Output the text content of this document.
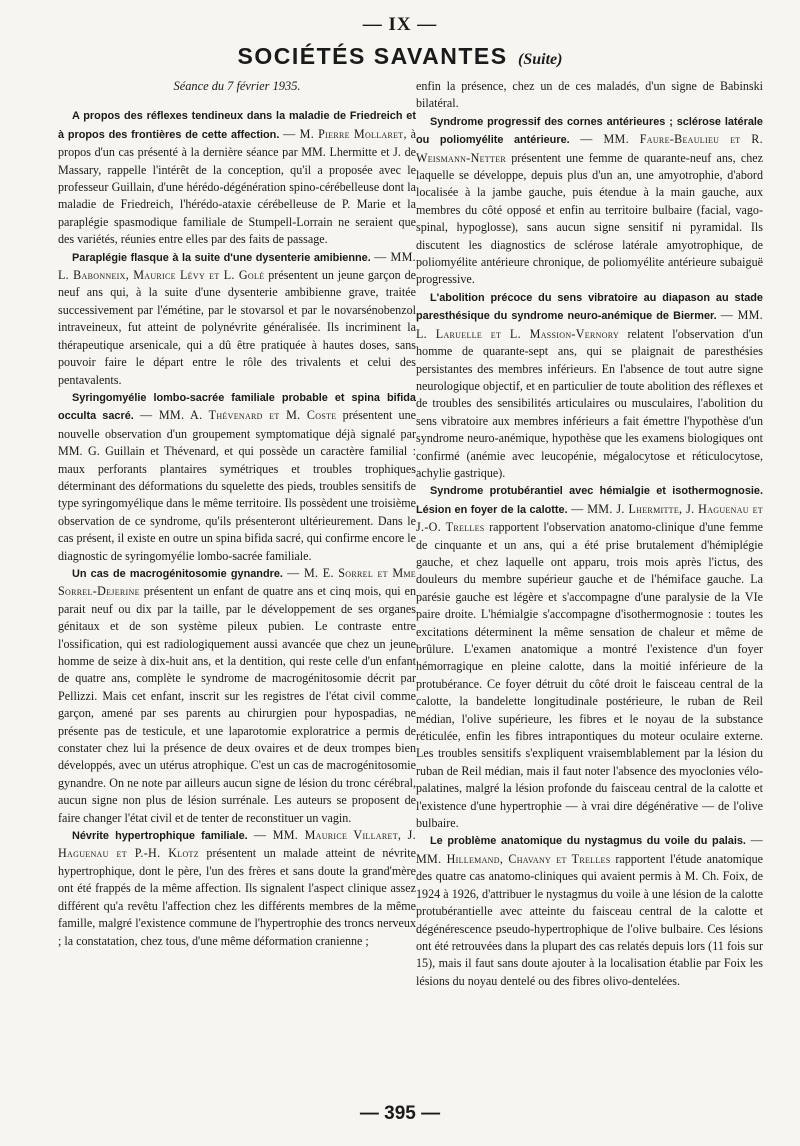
— IX —
SOCIÉTÉS SAVANTES (Suite)
Séance du 7 février 1935.

A propos des réflexes tendineux dans la maladie de Friedreich et à propos des frontières de cette affection. — M. Pierre Mollaret, à propos d'un cas présenté à la dernière séance par MM. Lhermitte et J. de Massary, rappelle l'intérêt de la conception, qu'il a proposée avec le professeur Guillain, d'une hérédo-dégénération spino-cérébelleuse dont la maladie de Friedreich, l'hérédo-ataxie cérébelleuse de P. Marie et la paraplégie spasmodique familiale de Stumpell-Lorrain ne seraient que des variétés, réunies entre elles par des faits de passage.

Paraplégie flasque à la suite d'une dysenterie amibienne. — MM. L. Babonneix, Maurice Lévy et L. Golé présentent un jeune garçon de neuf ans qui, à la suite d'une dysenterie ambibienne grave, traitée successivement par l'émétine, par le stovarsol et par le novarsénobenzol intraveineux, fut atteint de polynévrite généralisée. Ils incriminent la thérapeutique arsenicale, qui a dû être pratiquée à hautes doses, sans pouvoir faire le départ entre le rôle des trivalents et celui des pentavalents.

Syringomyélie lombo-sacrée familiale probable et spina bifida occulta sacré. — MM. A. Thévenard et M. Coste présentent une nouvelle observation d'un groupement symptomatique déjà signalé par MM. G. Guillain et Thévenard, et qui possède un caractère familial : maux perforants plantaires symétriques et troubles trophiques déterminant des déformations du squelette des pieds, troubles sensitifs de type syringomyélique dans le même territoire. Ils possèdent une troisième observation de ce syndrome, qu'ils présenteront ultérieurement. Dans le cas présent, il existe en outre un spina bifida sacré, qui confirme encore le diagnostic de syringomyélie lombo-sacrée familiale.

Un cas de macrogénitosomie gynandre. — M. E. Sorrel et Mme Sorrel-Dejerine présentent un enfant de quatre ans et cinq mois, qui en parait neuf ou dix par la taille, par le développement de ses organes génitaux et de son système pileux pubien. Le contraste entre l'ossification, qui est radiologiquement aussi avancée que chez un jeune homme de seize à dix-huit ans, et la dentition, qui reste celle d'un enfant de quatre ans, complète le syndrome de macrogénitosomie décrit par Pellizzi. Mais cet enfant, inscrit sur les registres de l'état civil comme garçon, amené par ses parents au chirurgien pour hypospadias, ne présente pas de testicule, et une laparotomie exploratrice a permis de constater chez lui la présence de deux ovaires et de deux trompes bien développés, avec un utérus atrophique. C'est un cas de macrogénitosomie gynandre. On ne note par ailleurs aucun signe de lésion du tronc cérébral, aucun signe non plus de lésion surrénale. Les auteurs se proposent de faire changer l'état civil et de tenter de reconstituer un vagin.

Névrite hypertrophique familiale. — MM. Maurice Villaret, J. Haguenau et P.-H. Klotz présentent un malade atteint de névrite hypertrophique, dont le père, l'un des frères et sans doute la grand'mère ont été frappés de la même affection. Ils signalent l'aspect clinique assez différent qu'a revêtu l'affection chez les différents membres de la même famille, malgré l'existence commune de l'hypertrophie des troncs nerveux ; la constatation, chez tous, d'une même déformation cranienne ;

enfin la présence, chez un de ces maladés, d'un signe de Babinski bilatéral.

Syndrome progressif des cornes antérieures ; sclérose latérale ou poliomyélite antérieure. — MM. Faure-Beaulieu et R. Weismann-Netter présentent une femme de quarante-neuf ans, chez laquelle se développe, depuis plus d'un an, une amyotrophie, d'abord localisée à la jambe gauche, puis étendue à la main gauche, aux membres du côté opposé et enfin au territoire bulbaire (facial, vago-spinal, hypoglosse), sans aucun signe sensitif ni pyramidal. Ils discutent les diagnostics de sclérose latérale amyotrophique, de poliomyélite antérieure chronique, de poliomyélite antérieure subaiguë progressive.

L'abolition précoce du sens vibratoire au diapason au stade paresthésique du syndrome neuro-anémique de Biermer. — MM. L. Laruelle et L. Massion-Vernory relatent l'observation d'un homme de quarante-sept ans, qui se plaignait de paresthésies persistantes des membres inférieurs. En l'absence de tout autre signe neurologique objectif, et en particulier de toute abolition des réflexes et de troubles des sensibilités articulaires ou musculaires, l'abolition du sens vibratoire aux membres inférieurs a fait émettre l'hypothèse d'un syndrome neuro-anémique, hypothèse que les examens biologiques ont confirmé (anémie avec leucopénie, mégalocytose et réticulocytose, achylie gastrique).

Syndrome protubérantiel avec hémialgie et isothermognosie. Lésion en foyer de la calotte. — MM. J. Lhermitte, J. Haguenau et J.-O. Trelles rapportent l'observation anatomo-clinique d'une femme de cinquante et un ans, qui a été prise brutalement d'hémiplégie gauche, et chez laquelle ont apparu, trois mois après l'ictus, des douleurs du membre supérieur gauche et de l'hémiface gauche. La parésie gauche est légère et s'accompagne d'une paralysie de la VIe paire droite. L'hémialgie s'accompagne d'isothermognosie : toutes les excitations déterminent la même sensation de chaleur et même de brûlure. L'examen anatomique a montré l'existence d'un foyer hémorragique en pleine calotte, dans la moitié inférieure de la protubérance. Ce foyer détruit du côté droit le faisceau central de la calotte, la bandelette longitudinale postérieure, le ruban de Reil médian, l'olive supérieure, les fibres et le noyau de la substance réticulée, enfin les fibres intrapontiques du moteur oculaire externe. Les troubles sensitifs s'expliquent vraisemblablement par la lésion du ruban de Reil médian, mais il faut noter l'absence des myoclonies vélo-palatines, malgré la lésion profonde du faisceau central de la calotte et l'existence d'une hypertrophie — à vrai dire dégénérative — de l'olive bulbaire.

Le problème anatomique du nystagmus du voile du palais. — MM. Hillemand, Chavany et Trelles rapportent l'étude anatomique des quatre cas anatomo-cliniques qui avaient permis à M. Ch. Foix, de 1924 à 1926, d'attribuer le nystagmus du voile à une lésion de la calotte protubérantielle avec atteinte du faisceau central de la calotte et dégénérescence pseudo-hypertrophique de l'olive bulbaire. Ces lésions ont été retrouvées dans la plupart des cas relatés depuis lors (11 fois sur 15), mais il faut sans doute ajouter à la localisation établie par Foix les lésions du noyau dentelé ou des fibres olivo-dentelées.

— 395 —
